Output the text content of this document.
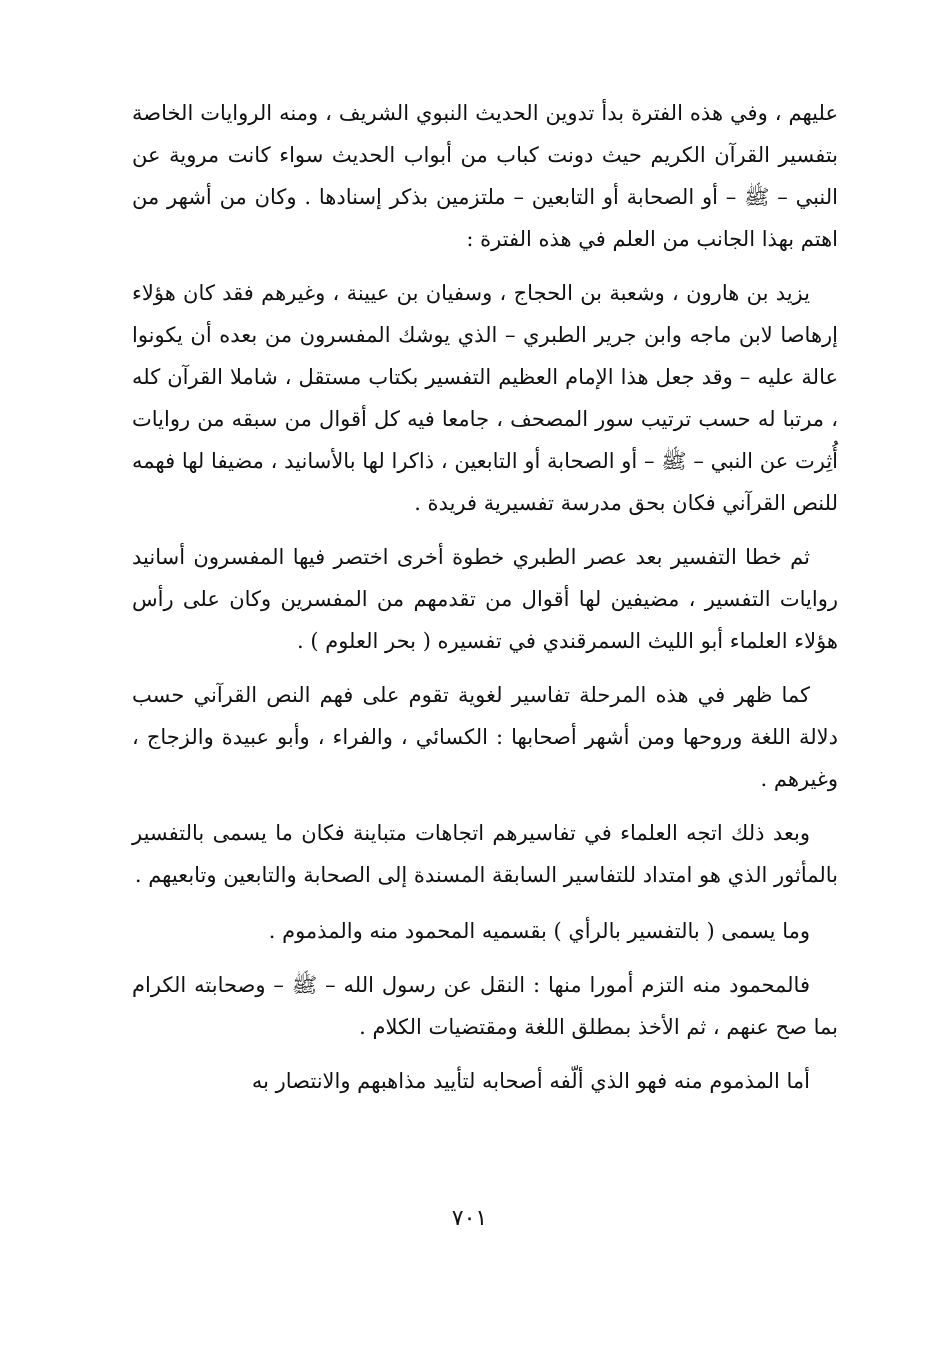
عليهم ، وفي هذه الفترة بدأ تدوين الحديث النبوي الشريف ، ومنه الروايات الخاصة بتفسير القرآن الكريم حيث دونت كباب من أبواب الحديث سواء كانت مروية عن النبي – ﷺ – أو الصحابة أو التابعين – ملتزمين بذكر إسنادها . وكان من أشهر من اهتم بهذا الجانب من العلم في هذه الفترة :

يزيد بن هارون ، وشعبة بن الحجاج ، وسفيان بن عيينة ، وغيرهم فقد كان هؤلاء إرهاصا لابن ماجه وابن جرير الطبري – الذي يوشك المفسرون من بعده أن يكونوا عالة عليه – وقد جعل هذا الإمام العظيم التفسير بكتاب مستقل ، شاملا القرآن كله ، مرتبا له حسب ترتيب سور المصحف ، جامعا فيه كل أقوال من سبقه من روايات أُثِرت عن النبي – ﷺ – أو الصحابة أو التابعين ، ذاكرا لها بالأسانيد ، مضيفا لها فهمه للنص القرآني فكان بحق مدرسة تفسيرية فريدة .

ثم خطا التفسير بعد عصر الطبري خطوة أخرى اختصر فيها المفسرون أسانيد روايات التفسير ، مضيفين لها أقوال من تقدمهم من المفسرين وكان على رأس هؤلاء العلماء أبو الليث السمرقندي في تفسيره ( بحر العلوم ) .

كما ظهر في هذه المرحلة تفاسير لغوية تقوم على فهم النص القرآني حسب دلالة اللغة وروحها ومن أشهر أصحابها : الكسائي ، والفراء ، وأبو عبيدة والزجاج ، وغيرهم .

وبعد ذلك اتجه العلماء في تفاسيرهم اتجاهات متباينة فكان ما يسمى بالتفسير بالمأثور الذي هو امتداد للتفاسير السابقة المسندة إلى الصحابة والتابعين وتابعيهم .

وما يسمى ( بالتفسير بالرأي ) بقسميه المحمود منه والمذموم .

فالمحمود منه التزم أمورا منها : النقل عن رسول الله – ﷺ – وصحابته الكرام بما صح عنهم ، ثم الأخذ بمطلق اللغة ومقتضيات الكلام .

أما المذموم منه فهو الذي ألّفه أصحابه لتأييد مذاهبهم والانتصار به

٧٠١
